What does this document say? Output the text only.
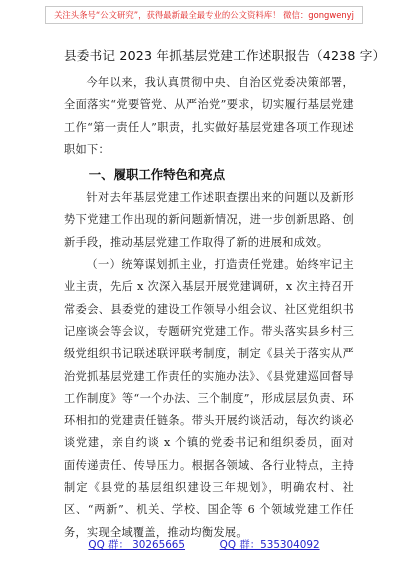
关注头条号“公文研究”，获得最新最全最专业的公文资料库！ 微信：gongwenyj
县委书记 2023 年抓基层党建工作述职报告（4238 字）

今年以来，我认真贯彻中央、自治区党委决策部署，全面落实“党要管党、从严治党”要求，切实履行基层党建工作“第一责任人”职责，扎实做好基层党建各项工作现述职如下：

一、履职工作特色和亮点

针对去年基层党建工作述职查摆出来的问题以及新形势下党建工作出现的新问题新情况，进一步创新思路、创新手段，推动基层党建工作取得了新的进展和成效。

（一）统筹谋划抓主业，打造责任党建。始终牢记主业主责，先后 x 次深入基层开展党建调研，x 次主持召开常委会、县委党的建设工作领导小组会议、社区党组织书记座谈会等会议，专题研究党建工作。带头落实县乡村三级党组织书记联述联评联考制度，制定《县关于落实从严治党抓基层党建工作责任的实施办法》、《县党建巡回督导工作制度》等“一个办法、三个制度”，形成层层负责、环环相扣的党建责任链条。带头开展约谈活动，每次约谈必谈党建，亲自约谈 x 个镇的党委书记和组织委员，面对面传递责任、传导压力。根据各领域、各行业特点，主持制定《县党的基层组织建设三年规划》，明确农村、社区、“两新”、机关、学校、国企等 6 个领域党建工作任务，实现全域覆盖，推动均衡发展。

QQ 群： 30265665	QQ 群：535304092
